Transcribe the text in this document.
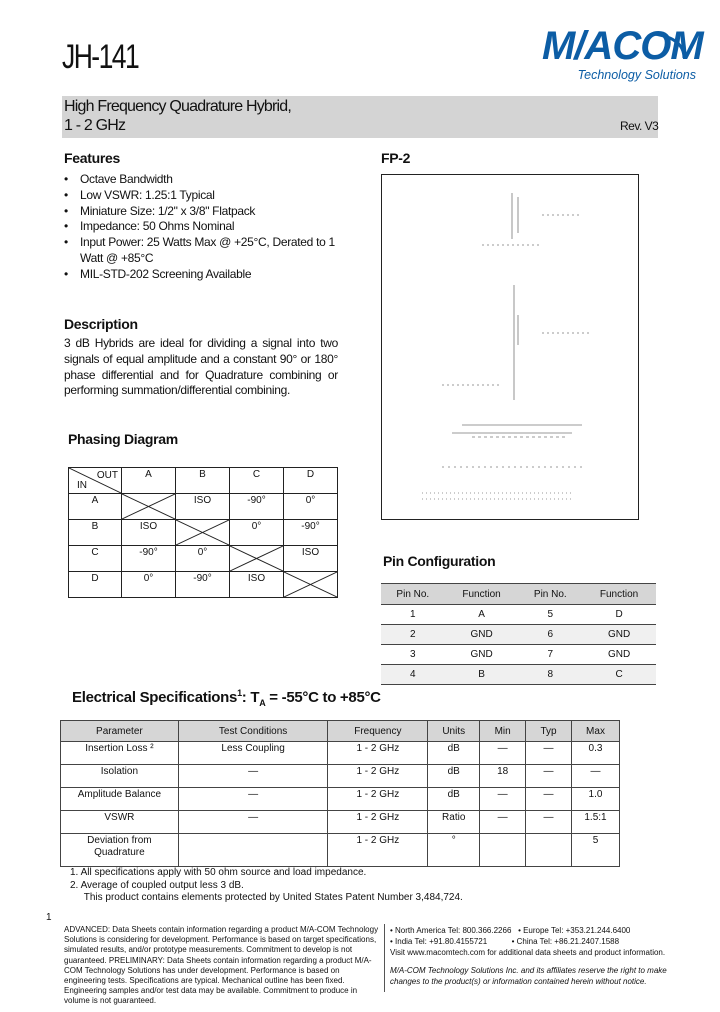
JH-141	M/ACOM
Technology Solutions
High Frequency Quadrature Hybrid,
1 - 2 GHz	Rev. V3
Features
• Octave Bandwidth
• Low VSWR: 1.25:1 Typical
• Miniature Size: 1/2" x 3/8" Flatpack
• Impedance: 50 Ohms Nominal
• Input Power: 25 Watts Max @ +25°C, Derated to 1 Watt @ +85°C
• MIL-STD-202 Screening Available
Description
3 dB Hybrids are ideal for dividing a signal into two signals of equal amplitude and a constant 90° or 180° phase differential and for Quadrature combining or performing summation/differential combining.
Phasing Diagram
OUT
IN	A	B	C	D
A		ISO	-90°	0°
B	ISO		0°	-90°
C	-90°	0°		ISO
D	0°	-90°	ISO	
FP-2
Pin Configuration
Pin No.	Function	Pin No.	Function
1	A	5	D
2	GND	6	GND
3	GND	7	GND
4	B	8	C
Electrical Specifications$^1$: $T_A = -55^\circ C$ to +85°C
Parameter	Test Conditions	Frequency	Units	Min	Typ	Max
Insertion Loss ²	Less Coupling	1 - 2 GHz	dB	—	—	0.3
Isolation	—	1 - 2 GHz	dB	18	—	—
Amplitude Balance	—	1 - 2 GHz	dB	—	—	1.0
VSWR	—	1 - 2 GHz	Ratio	—	—	1.5:1
Deviation from Quadrature		1 - 2 GHz	°			5
1. All specifications apply with 50 ohm source and load impedance.
2. Average of coupled output less 3 dB.
This product contains elements protected by United States Patent Number 3,484,724.
1
ADVANCED: Data Sheets contain information regarding a product M/A-COM Technology Solutions is considering for development. Performance is based on target specifications, simulated results, and/or prototype measurements. Commitment to develop is not guaranteed. PRELIMINARY: Data Sheets contain information regarding a product M/A-COM Technology Solutions has under development. Performance is based on engineering tests. Specifications are typical. Mechanical outline has been fixed. Engineering samples and/or test data may be available. Commitment to produce in volume is not guaranteed.
• North America Tel: 800.366.2266   • Europe Tel: +353.21.244.6400
• India Tel: +91.80.4155721           • China Tel: +86.21.2407.1588
Visit www.macomtech.com for additional data sheets and product information.
M/A-COM Technology Solutions Inc. and its affiliates reserve the right to make changes to the product(s) or information contained herein without notice.
